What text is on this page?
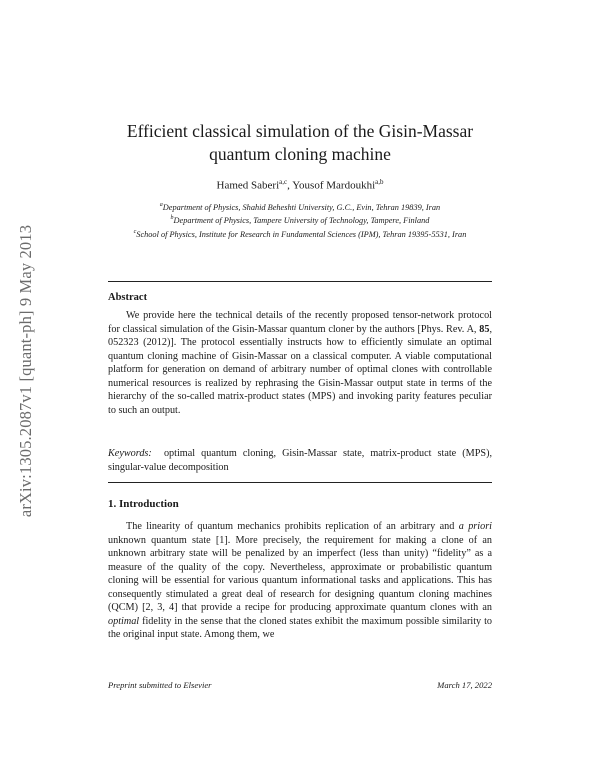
arXiv:1305.2087v1 [quant-ph] 9 May 2013
Efficient classical simulation of the Gisin-Massar
quantum cloning machine
Hamed Saberi$^{a,c}$, Yousof Mardoukhi$^{a,b}$
$^a$Department of Physics, Shahid Beheshti University, G.C., Evin, Tehran 19839, Iran
$^b$Department of Physics, Tampere University of Technology, Tampere, Finland
$^c$School of Physics, Institute for Research in Fundamental Sciences (IPM), Tehran 19395-5531, Iran
Abstract
We provide here the technical details of the recently proposed tensor-network protocol for classical simulation of the Gisin-Massar quantum cloner by the authors [Phys. Rev. A, 85, 052323 (2012)]. The protocol essentially instructs how to efficiently simulate an optimal quantum cloning machine of Gisin-Massar on a classical computer. A viable computational platform for generation on demand of arbitrary number of optimal clones with controllable numerical resources is realized by rephrasing the Gisin-Massar output state in terms of the hierarchy of the so-called matrix-product states (MPS) and invoking parity features peculiar to such an output.
Keywords: optimal quantum cloning, Gisin-Massar state, matrix-product state (MPS), singular-value decomposition
1. Introduction
The linearity of quantum mechanics prohibits replication of an arbitrary and a priori unknown quantum state [1]. More precisely, the requirement for making a clone of an unknown arbitrary state will be penalized by an imperfect (less than unity) “fidelity” as a measure of the quality of the copy. Nevertheless, approximate or probabilistic quantum cloning will be essential for various quantum informational tasks and applications. This has consequently stimulated a great deal of research for designing quantum cloning machines (QCM) [2, 3, 4] that provide a recipe for producing approximate quantum clones with an optimal fidelity in the sense that the cloned states exhibit the maximum possible similarity to the original input state. Among them, we
Preprint submitted to Elsevier	March 17, 2022
